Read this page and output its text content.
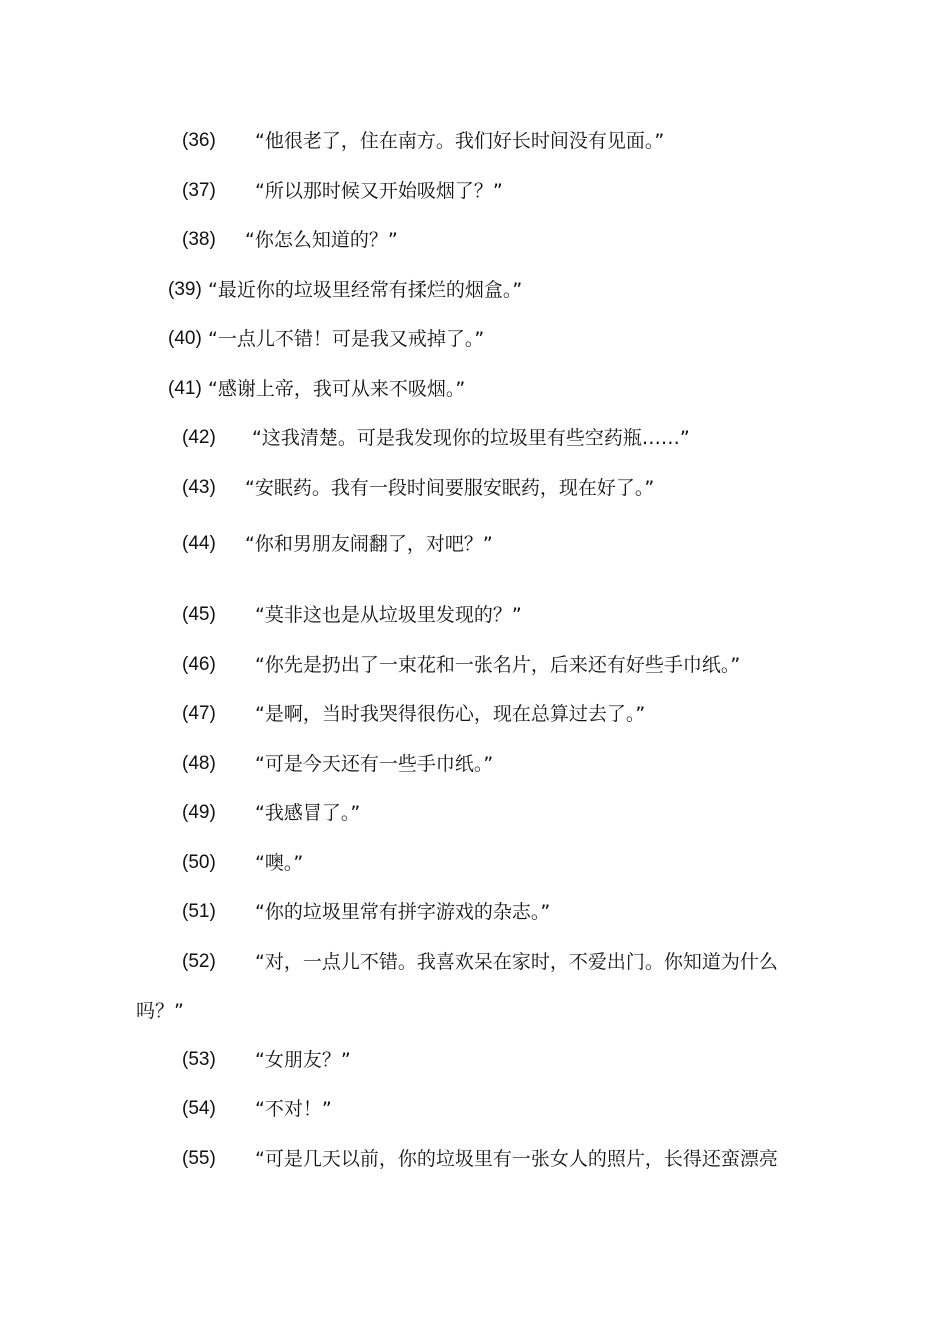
(36) “他很老了，住在南方。我们好长时间没有见面。”
(37) “所以那时候又开始吸烟了？”
(38) “你怎么知道的？”
(39) “最近你的垃圾里经常有揉烂的烟盒。”
(40) “一点儿不错！可是我又戒掉了。”
(41) “感谢上帝，我可从来不吸烟。”
(42) “这我清楚。可是我发现你的垃圾里有些空药瓶……”
(43) “安眠药。我有一段时间要服安眠药，现在好了。”
(44) “你和男朋友闹翻了，对吧？”
(45) “莫非这也是从垃圾里发现的？”
(46) “你先是扔出了一束花和一张名片，后来还有好些手巾纸。”
(47) “是啊，当时我哭得很伤心，现在总算过去了。”
(48) “可是今天还有一些手巾纸。”
(49) “我感冒了。”
(50) “噢。”
(51) “你的垃圾里常有拼字游戏的杂志。”
(52) “对，一点儿不错。我喜欢呆在家时，不爱出门。你知道为什么
吗？”
(53) “女朋友？”
(54) “不对！”
(55) “可是几天以前，你的垃圾里有一张女人的照片，长得还蛮漂亮
